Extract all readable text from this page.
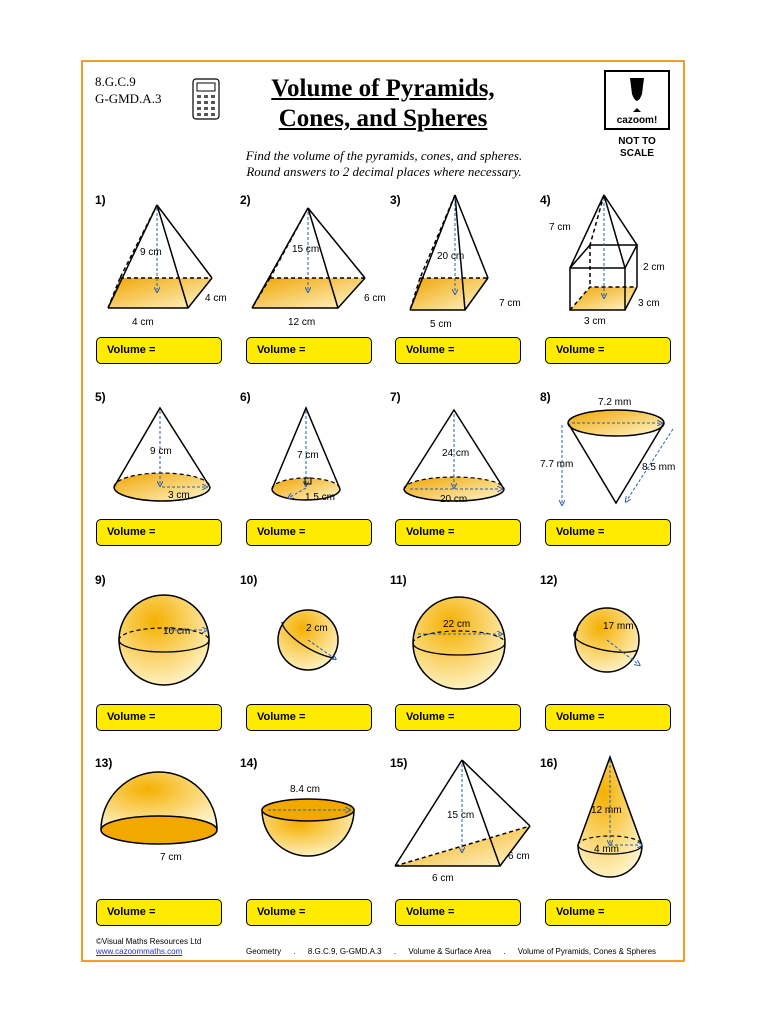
8.G.C.9
G-GMD.A.3	Volume of Pyramids,
Cones, and Spheres	cazoom!
NOT TO
SCALE
Find the volume of the pyramids, cones, and spheres.
Round answers to 2 decimal places where necessary.
1)	2)	3)	4)
5)	6)	7)	8)
9)	10)	11)	12)
13)	14)	15)	16)
Volume =	Volume =	Volume =	Volume =
Volume =	Volume =	Volume =	Volume =
Volume =	Volume =	Volume =	Volume =
Volume =	Volume =	Volume =	Volume =
9 cm
4 cm
4 cm
15 cm
6 cm
12 cm
20 cm
7 cm
5 cm
7 cm
2 cm
3 cm
3 cm
9 cm
3 cm
7 cm
1.5 cm
24 cm
20 cm
7.2 mm
7.7 mm	8.5 mm
10 cm	2 cm	22 cm	17 mm
7 cm
8.4 cm
15 cm
6 cm
6 cm
12 mm
4 mm
©Visual Maths Resources Ltd
www.cazoommaths.com	Geometry . 8.G.C.9, G-GMD.A.3 . Volume & Surface Area . Volume of Pyramids, Cones & Spheres
